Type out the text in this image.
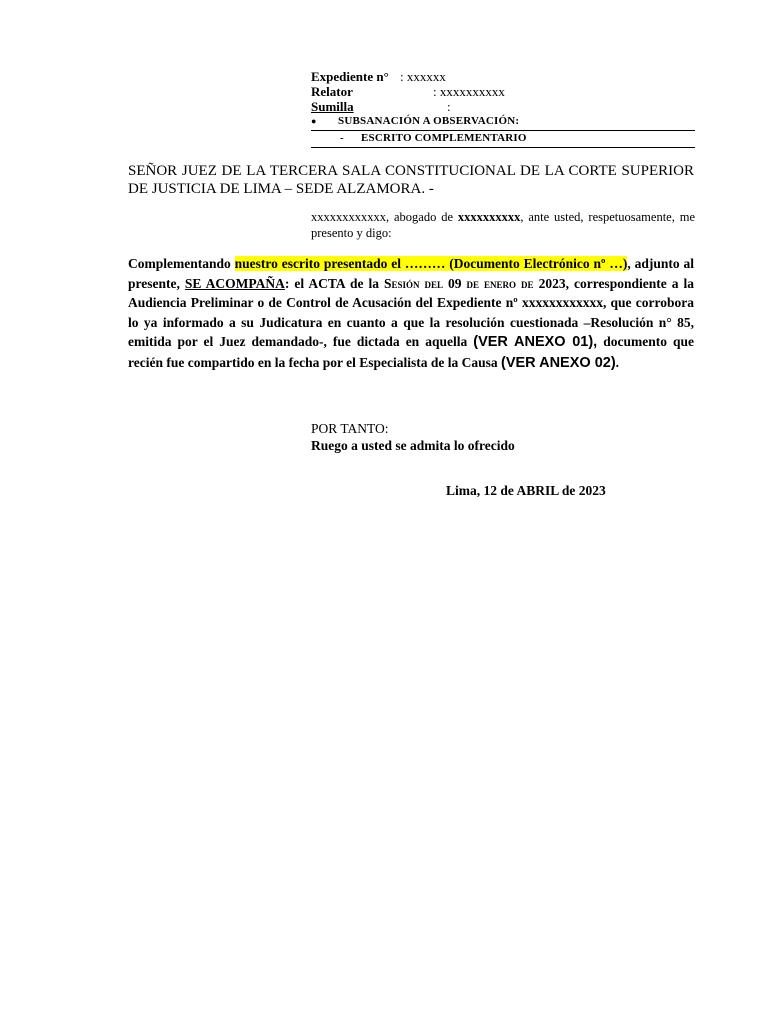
Expediente n° : xxxxxx
Relator	: xxxxxxxxxx
Sumilla	:
● SUBSANACIÓN A OBSERVACIÓN:
- ESCRITO COMPLEMENTARIO
SEÑOR JUEZ DE LA TERCERA SALA CONSTITUCIONAL DE LA CORTE SUPERIOR DE JUSTICIA DE LIMA – SEDE ALZAMORA. -
xxxxxxxxxxxx, abogado de xxxxxxxxxx, ante usted, respetuosamente, me presento y digo:
Complementando nuestro escrito presentado el ……… (Documento Electrónico nº …), adjunto al presente, SE ACOMPAÑA: el ACTA de la Sesión del 09 de enero de 2023, correspondiente a la Audiencia Preliminar o de Control de Acusación del Expediente nº xxxxxxxxxxxx, que corrobora lo ya informado a su Judicatura en cuanto a que la resolución cuestionada –Resolución n° 85, emitida por el Juez demandado-, fue dictada en aquella (VER ANEXO 01), documento que recién fue compartido en la fecha por el Especialista de la Causa (VER ANEXO 02).
POR TANTO:
Ruego a usted se admita lo ofrecido
Lima, 12 de ABRIL de 2023
